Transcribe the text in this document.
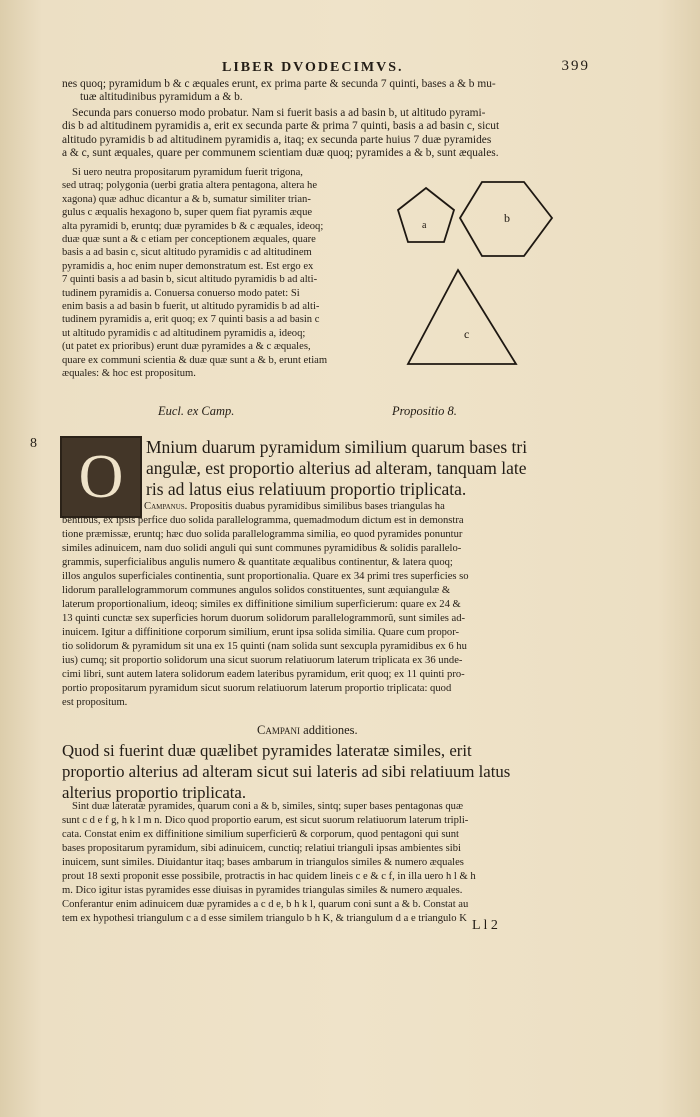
LIBER DVODECIMVS.	399

nes quoq; pyramidum b & c æquales erunt, ex prima parte & secunda 7 quinti, bases a & b mu-

tuæ altitudinibus pyramidum a & b.

Secunda pars conuerso modo probatur. Nam si fuerit basis a ad basin b, ut altitudo pyrami-

dis b ad altitudinem pyramidis a, erit ex secunda parte & prima 7 quinti, basis a ad basin c, sicut

altitudo pyramidis b ad altitudinem pyramidis a, itaq; ex secunda parte huius 7 duæ pyramides

a & c, sunt æquales, quare per communem scientiam duæ quoq; pyramides a & b, sunt æquales.

Si uero neutra propositarum pyramidum fuerit trigona,

sed utraq; polygonia (uerbi gratia altera pentagona, altera he

xagona) quæ adhuc dicantur a & b, sumatur similiter trian-

gulus c æqualis hexagono b, super quem fiat pyramis æque

alta pyramidi b, eruntq; duæ pyramides b & c æquales, ideoq;

duæ quæ sunt a & c etiam per conceptionem æquales, quare

basis a ad basin c, sicut altitudo pyramidis c ad altitudinem

pyramidis a, hoc enim nuper demonstratum est. Est ergo ex

7 quinti basis a ad basin b, sicut altitudo pyramidis b ad alti-

tudinem pyramidis a. Conuersa conuerso modo patet: Si

enim basis a ad basin b fuerit, ut altitudo pyramidis b ad alti-

tudinem pyramidis a, erit quoq; ex 7 quinti basis a ad basin c

ut altitudo pyramidis c ad altitudinem pyramidis a, ideoq;

(ut patet ex prioribus) erunt duæ pyramides a & c æquales,

quare ex communi scientia & duæ quæ sunt a & b, erunt etiam

æquales: & hoc est propositum.

a
b
c
Eucl. ex Camp.	Propositio 8.
8 O Mnium duarum pyramidum similium quarum bases tri
angulæ, est proportio alterius ad alteram, tanquam late
ris ad latus eius relatiuum proportio triplicata.

Campanus. Propositis duabus pyramidibus similibus bases triangulas ha

bentibus, ex ipsis perfice duo solida parallelogramma, quemadmodum dictum est in demonstra

tione præmissæ, eruntq; hæc duo solida parallelogramma similia, eo quod pyramides ponuntur

similes adinuicem, nam duo solidi anguli qui sunt communes pyramidibus & solidis parallelo-

grammis, superficialibus angulis numero & quantitate æqualibus continentur, & latera quoq;

illos angulos superficiales continentia, sunt proportionalia. Quare ex 34 primi tres superficies so

lidorum parallelogrammorum communes angulos solidos constituentes, sunt æquiangulæ &

laterum proportionalium, ideoq; similes ex diffinitione similium superficierum: quare ex 24 &

13 quinti cunctæ sex superficies horum duorum solidorum parallelogrammorũ, sunt similes ad-

inuicem. Igitur a diffinitione corporum similium, erunt ipsa solida similia. Quare cum propor-

tio solidorum & pyramidum sit una ex 15 quinti (nam solida sunt sexcupla pyramidibus ex 6 hu

ius) cumq; sit proportio solidorum una sicut suorum relatiuorum laterum triplicata ex 36 unde-

cimi libri, sunt autem latera solidorum eadem lateribus pyramidum, erit quoq; ex 11 quinti pro-

portio propositarum pyramidum sicut suorum relatiuorum laterum proportio triplicata: quod

est propositum.

Campani additiones.
Quod si fuerint duæ quælibet pyramides lateratæ similes, erit
proportio alterius ad alteram sicut sui lateris ad sibi relatiuum latus
alterius proportio triplicata.

Sint duæ lateratæ pyramides, quarum coni a & b, similes, sintq; super bases pentagonas quæ

sunt c d e f g, h k l m n. Dico quod proportio earum, est sicut suorum relatiuorum laterum tripli-

cata. Constat enim ex diffinitione similium superficierũ & corporum, quod pentagoni qui sunt

bases propositarum pyramidum, sibi adinuicem, cunctiq; relatiui trianguli ipsas ambientes sibi

inuicem, sunt similes. Diuidantur itaq; bases ambarum in triangulos similes & numero æquales

prout 18 sexti proponit esse possibile, protractis in hac quidem lineis c e & c f, in illa uero h l & h

m. Dico igitur istas pyramides esse diuisas in pyramides triangulas similes & numero æquales.

Conferantur enim adinuicem duæ pyramides a c d e, b h k l, quarum coni sunt a & b. Constat au

tem ex hypothesi triangulum c a d esse similem triangulo b h K, & triangulum d a e triangulo K L l 2
